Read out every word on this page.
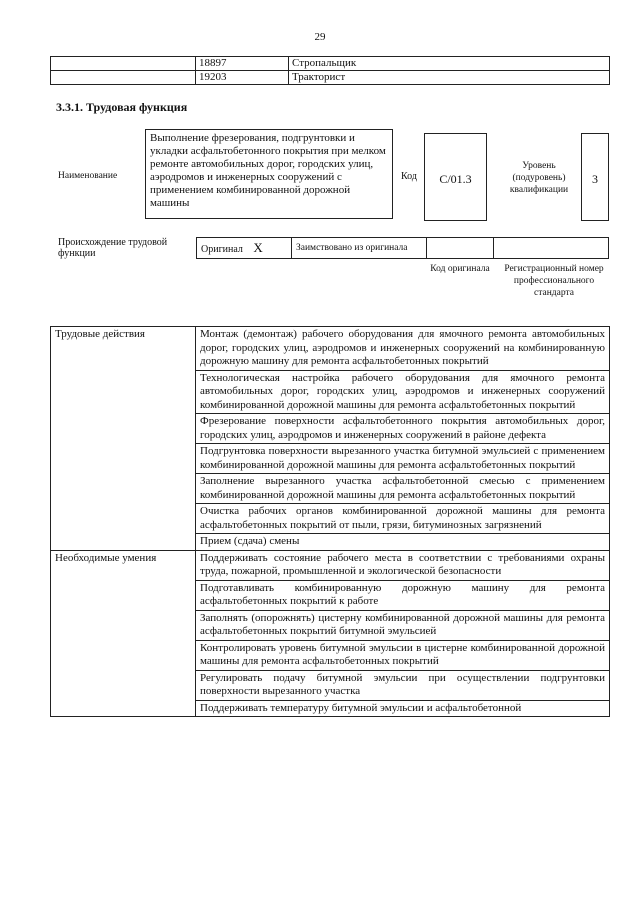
29
	18897	Стропальщик
	19203	Тракторист
3.3.1. Трудовая функция
Наименование
Выполнение фрезерования, подгрунтовки и укладки асфальтобетонного покрытия при мелком ремонте автомобильных дорог, городских улиц, аэродромов и инженерных сооружений с применением комбинированной дорожной машины
Код	С/01.3
Уровень (подуровень) квалификации
3
Происхождение трудовой функции	Оригинал Х	Заимствовано из оригинала		
Код оригинала	Регистрационный номер профессионального стандарта
Трудовые действия	Монтаж (демонтаж) рабочего оборудования для ямочного ремонта автомобильных дорог, городских улиц, аэродромов и инженерных сооружений на комбинированную дорожную машину для ремонта асфальтобетонных покрытий
	Технологическая настройка рабочего оборудования для ямочного ремонта автомобильных дорог, городских улиц, аэродромов и инженерных сооружений комбинированной дорожной машины для ремонта асфальтобетонных покрытий
	Фрезерование поверхности асфальтобетонного покрытия автомобильных дорог, городских улиц, аэродромов и инженерных сооружений в районе дефекта
	Подгрунтовка поверхности вырезанного участка битумной эмульсией с применением комбинированной дорожной машины для ремонта асфальтобетонных покрытий
	Заполнение вырезанного участка асфальтобетонной смесью с применением комбинированной дорожной машины для ремонта асфальтобетонных покрытий
	Очистка рабочих органов комбинированной дорожной машины для ремонта асфальтобетонных покрытий от пыли, грязи, битуминозных загрязнений
	Прием (сдача) смены
Необходимые умения	Поддерживать состояние рабочего места в соответствии с требованиями охраны труда, пожарной, промышленной и экологической безопасности
	Подготавливать комбинированную дорожную машину для ремонта асфальтобетонных покрытий к работе
	Заполнять (опорожнять) цистерну комбинированной дорожной машины для ремонта асфальтобетонных покрытий битумной эмульсией
	Контролировать уровень битумной эмульсии в цистерне комбинированной дорожной машины для ремонта асфальтобетонных покрытий
	Регулировать подачу битумной эмульсии при осуществлении подгрунтовки поверхности вырезанного участка
	Поддерживать температуру битумной эмульсии и асфальтобетонной
